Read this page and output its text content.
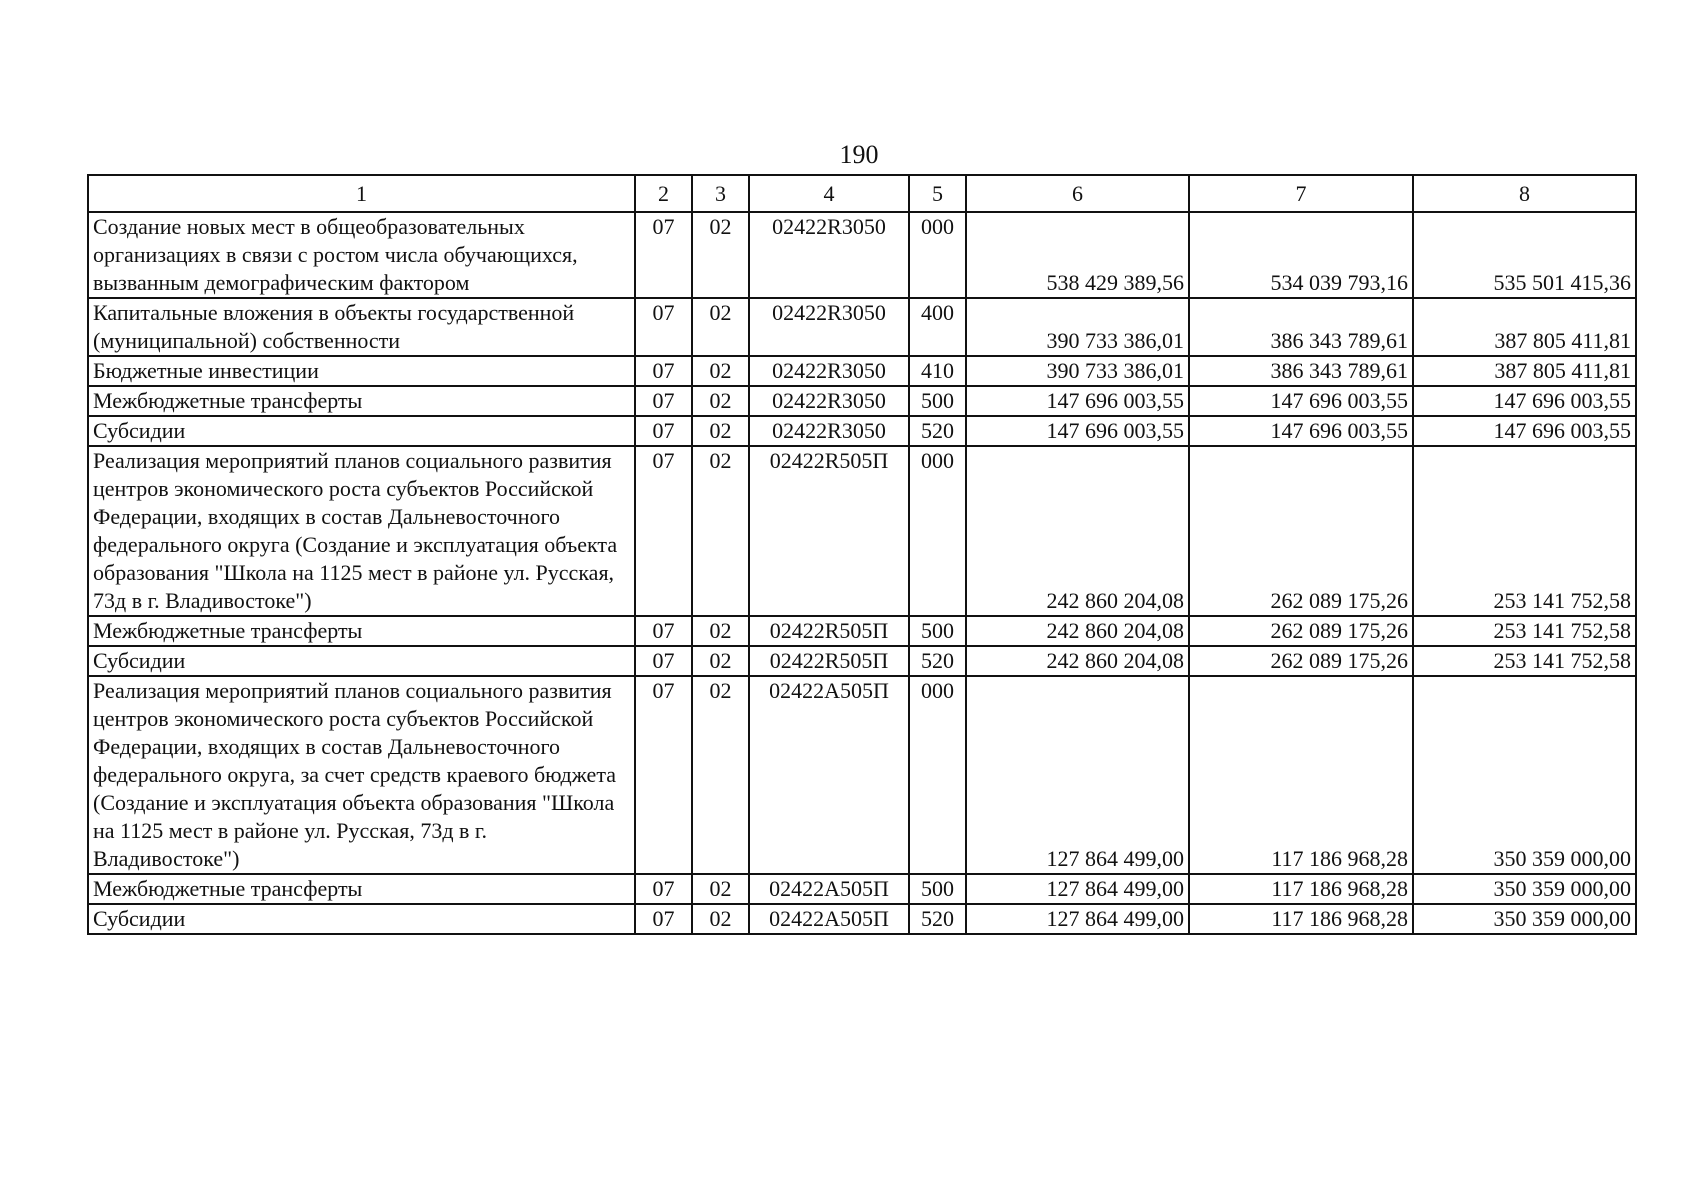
190
1	2	3	4	5	6	7	8
Создание новых мест в общеобразовательных организациях в связи с ростом числа обучающихся, вызванным демографическим фактором	07	02	02422R3050	000	538 429 389,56	534 039 793,16	535 501 415,36
Капитальные вложения в объекты государственной (муниципальной) собственности	07	02	02422R3050	400	390 733 386,01	386 343 789,61	387 805 411,81
Бюджетные инвестиции	07	02	02422R3050	410	390 733 386,01	386 343 789,61	387 805 411,81
Межбюджетные трансферты	07	02	02422R3050	500	147 696 003,55	147 696 003,55	147 696 003,55
Субсидии	07	02	02422R3050	520	147 696 003,55	147 696 003,55	147 696 003,55
Реализация мероприятий планов социального развития центров экономического роста субъектов Российской Федерации, входящих в состав Дальневосточного федерального округа (Создание и эксплуатация объекта образования "Школа на 1125 мест в районе ул. Русская, 73д в г. Владивостоке")	07	02	02422R505П	000	242 860 204,08	262 089 175,26	253 141 752,58
Межбюджетные трансферты	07	02	02422R505П	500	242 860 204,08	262 089 175,26	253 141 752,58
Субсидии	07	02	02422R505П	520	242 860 204,08	262 089 175,26	253 141 752,58
Реализация мероприятий планов социального развития центров экономического роста субъектов Российской Федерации, входящих в состав Дальневосточного федерального округа, за счет средств краевого бюджета (Создание и эксплуатация объекта образования "Школа на 1125 мест в районе ул. Русская, 73д в г. Владивостоке")	07	02	02422А505П	000	127 864 499,00	117 186 968,28	350 359 000,00
Межбюджетные трансферты	07	02	02422А505П	500	127 864 499,00	117 186 968,28	350 359 000,00
Субсидии	07	02	02422А505П	520	127 864 499,00	117 186 968,28	350 359 000,00
